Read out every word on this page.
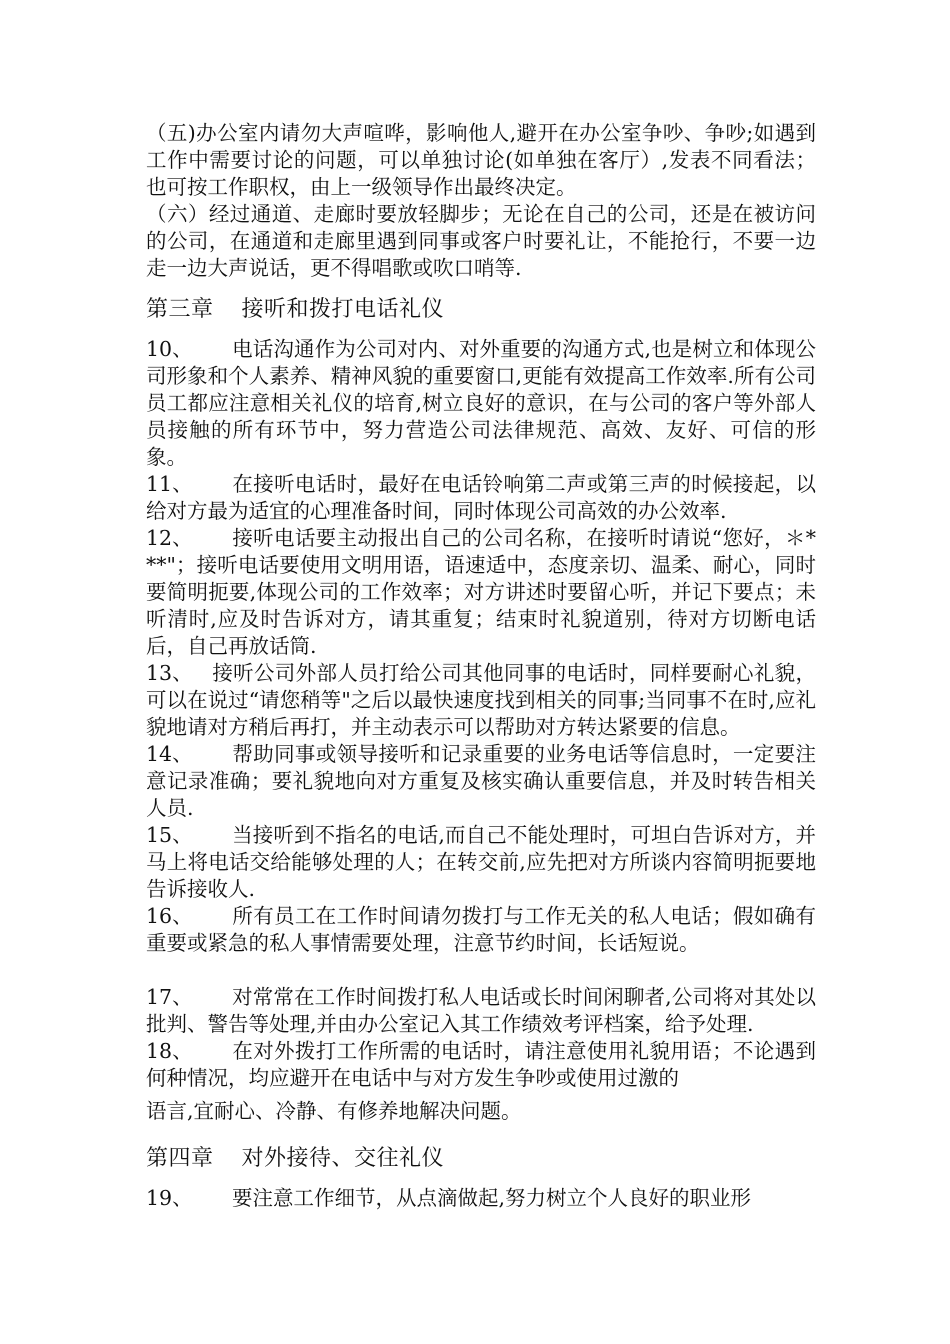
（五)办公室内请勿大声喧哗，影响他人,避开在办公室争吵、争吵;如遇到工作中需要讨论的问题，可以单独讨论(如单独在客厅）,发表不同看法；也可按工作职权，由上一级领导作出最终决定。

（六）经过通道、走廊时要放轻脚步；无论在自己的公司，还是在被访问的公司，在通道和走廊里遇到同事或客户时要礼让，不能抢行，不要一边走一边大声说话，更不得唱歌或吹口哨等.

第三章 接听和拨打电话礼仪

10、 电话沟通作为公司对内、对外重要的沟通方式,也是树立和体现公司形象和个人素养、精神风貌的重要窗口,更能有效提高工作效率.所有公司员工都应注意相关礼仪的培育,树立良好的意识，在与公司的客户等外部人员接触的所有环节中，努力营造公司法律规范、高效、友好、可信的形象。

11、 在接听电话时，最好在电话铃响第二声或第三声的时候接起，以给对方最为适宜的心理准备时间，同时体现公司高效的办公效率.

12、 接听电话要主动报出自己的公司名称，在接听时请说“您好，＊***"；接听电话要使用文明用语，语速适中，态度亲切、温柔、耐心，同时要简明扼要,体现公司的工作效率；对方讲述时要留心听，并记下要点；未听清时,应及时告诉对方，请其重复；结束时礼貌道别，待对方切断电话后，自己再放话筒.

13、 接听公司外部人员打给公司其他同事的电话时，同样要耐心礼貌，可以在说过“请您稍等"之后以最快速度找到相关的同事;当同事不在时,应礼貌地请对方稍后再打，并主动表示可以帮助对方转达紧要的信息。

14、 帮助同事或领导接听和记录重要的业务电话等信息时，一定要注意记录准确；要礼貌地向对方重复及核实确认重要信息，并及时转告相关人员.

15、 当接听到不指名的电话,而自己不能处理时，可坦白告诉对方，并马上将电话交给能够处理的人；在转交前,应先把对方所谈内容简明扼要地告诉接收人.

16、 所有员工在工作时间请勿拨打与工作无关的私人电话；假如确有重要或紧急的私人事情需要处理，注意节约时间，长话短说。

17、 对常常在工作时间拨打私人电话或长时间闲聊者,公司将对其处以批判、警告等处理,并由办公室记入其工作绩效考评档案，给予处理.

18、 在对外拨打工作所需的电话时，请注意使用礼貌用语；不论遇到何种情况，均应避开在电话中与对方发生争吵或使用过激的

语言,宜耐心、冷静、有修养地解决问题。

第四章 对外接待、交往礼仪

19、 要注意工作细节，从点滴做起,努力树立个人良好的职业形
